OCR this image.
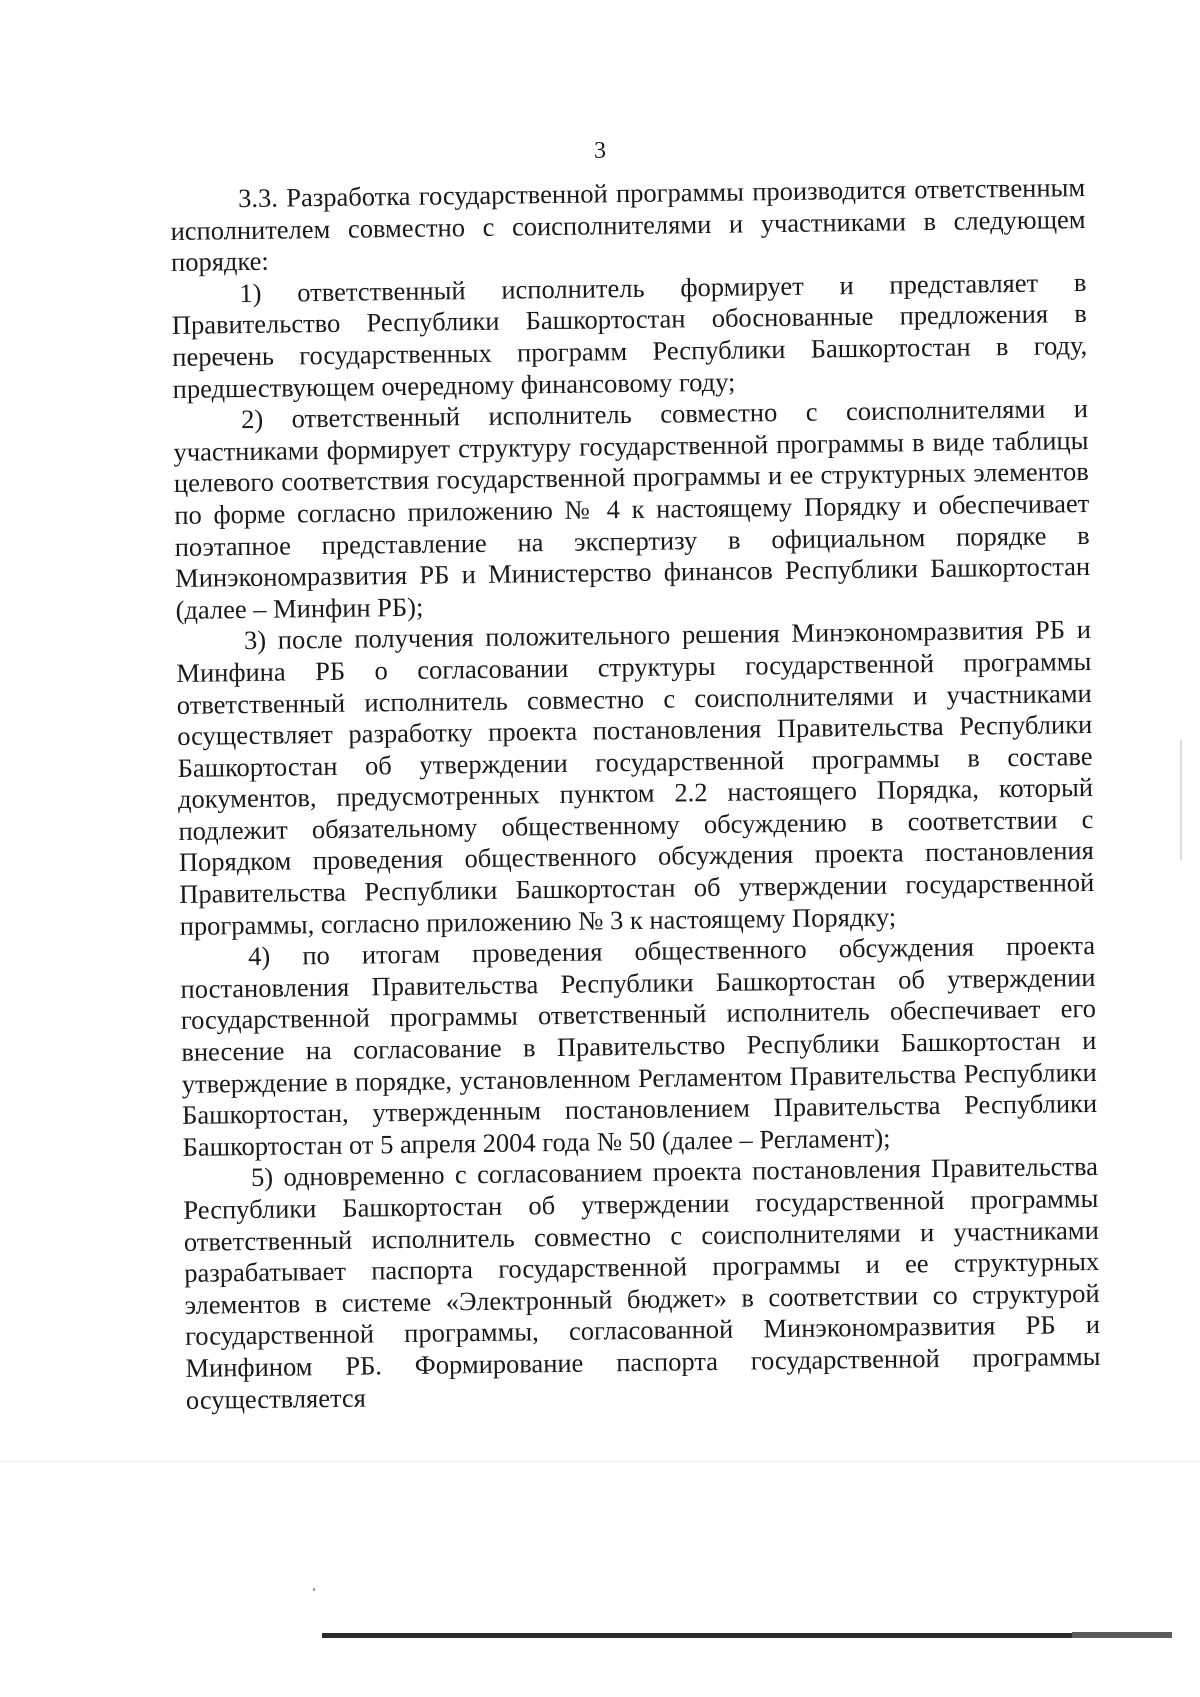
3

3.3. Разработка государственной программы производится ответственным исполнителем совместно с соисполнителями и участниками в следующем порядке:

1) ответственный исполнитель формирует и представляет в Правительство Республики Башкортостан обоснованные предложения в перечень государственных программ Республики Башкортостан в году, предшествующем очередному финансовому году;

2) ответственный исполнитель совместно с соисполнителями и участниками формирует структуру государственной программы в виде таблицы целевого соответствия государственной программы и ее структурных элементов по форме согласно приложению № 4 к настоящему Порядку и обеспечивает поэтапное представление на экспертизу в официальном порядке в Минэкономразвития РБ и Министерство финансов Республики Башкортостан (далее – Минфин РБ);

3) после получения положительного решения Минэкономразвития РБ и Минфина РБ о согласовании структуры государственной программы ответственный исполнитель совместно с соисполнителями и участниками осуществляет разработку проекта постановления Правительства Республики Башкортостан об утверждении государственной программы в составе документов, предусмотренных пунктом 2.2 настоящего Порядка, который подлежит обязательному общественному обсуждению в соответствии с Порядком проведения общественного обсуждения проекта постановления Правительства Республики Башкортостан об утверждении государственной программы, согласно приложению № 3 к настоящему Порядку;

4) по итогам проведения общественного обсуждения проекта постановления Правительства Республики Башкортостан об утверждении государственной программы ответственный исполнитель обеспечивает его внесение на согласование в Правительство Республики Башкортостан и утверждение в порядке, установленном Регламентом Правительства Республики Башкортостан, утвержденным постановлением Правительства Республики Башкортостан от 5 апреля 2004 года № 50 (далее – Регламент);

5) одновременно с согласованием проекта постановления Правительства Республики Башкортостан об утверждении государственной программы ответственный исполнитель совместно с соисполнителями и участниками разрабатывает паспорта государственной программы и ее структурных элементов в системе «Электронный бюджет» в соответствии со структурой государственной программы, согласованной Минэкономразвития РБ и Минфином РБ. Формирование паспорта государственной программы осуществляется
